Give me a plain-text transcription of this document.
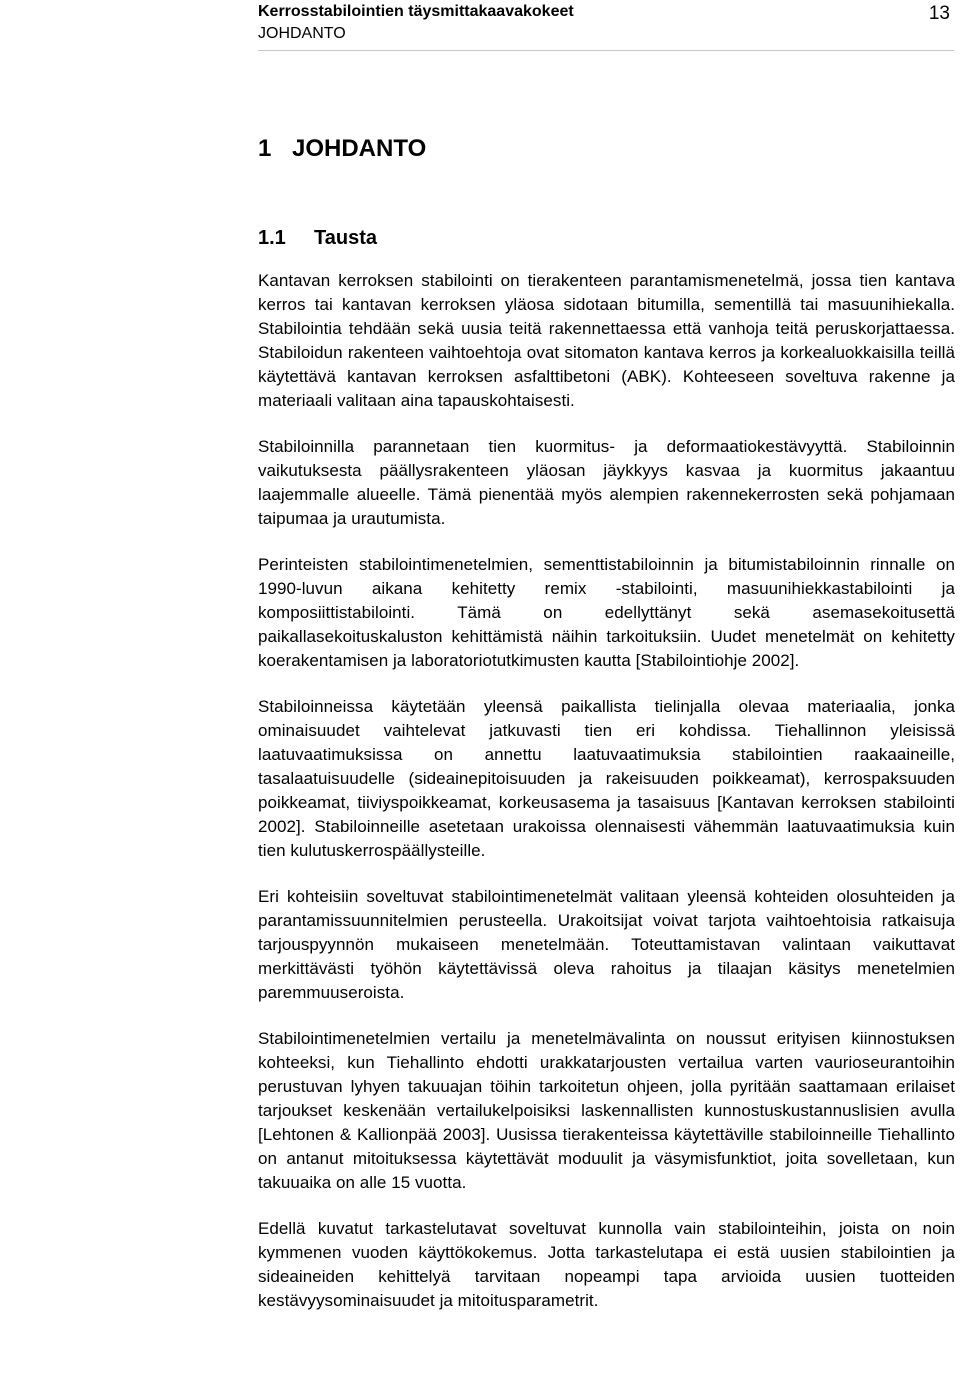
Kerrosstabilointien täysmittakaavakokeet
JOHDANTO
13
1 JOHDANTO
1.1 Tausta

Kantavan kerroksen stabilointi on tierakenteen parantamismenetelmä, jossa tien kantava kerros tai kantavan kerroksen yläosa sidotaan bitumilla, sementillä tai masuunihiekalla. Stabilointia tehdään sekä uusia teitä rakennettaessa että vanhoja teitä peruskorjattaessa. Stabiloidun rakenteen vaihtoehtoja ovat sitomaton kantava kerros ja korkealuokkaisilla teillä käytettävä kantavan kerroksen asfalttibetoni (ABK). Kohteeseen soveltuva rakenne ja materiaali valitaan aina tapauskohtaisesti.

Stabiloinnilla parannetaan tien kuormitus- ja deformaatiokestävyyttä. Stabiloinnin vaikutuksesta päällysrakenteen yläosan jäykkyys kasvaa ja kuormitus jakaantuu laajemmalle alueelle. Tämä pienentää myös alempien rakennekerrosten sekä pohjamaan taipumaa ja urautumista.

Perinteisten stabilointimenetelmien, sementtistabiloinnin ja bitumistabiloinnin rinnalle on 1990-luvun aikana kehitetty remix -stabilointi, masuunihiekkastabilointi ja komposiittistabilointi. Tämä on edellyttänyt sekä asemasekoitusettä paikallasekoituskaluston kehittämistä näihin tarkoituksiin. Uudet menetelmät on kehitetty koerakentamisen ja laboratoriotutkimusten kautta [Stabilointiohje 2002].

Stabiloinneissa käytetään yleensä paikallista tielinjalla olevaa materiaalia, jonka ominaisuudet vaihtelevat jatkuvasti tien eri kohdissa. Tiehallinnon yleisissä laatuvaatimuksissa on annettu laatuvaatimuksia stabilointien raakaaineille, tasalaatuisuudelle (sideainepitoisuuden ja rakeisuuden poikkeamat), kerrospaksuuden poikkeamat, tiiviyspoikkeamat, korkeusasema ja tasaisuus [Kantavan kerroksen stabilointi 2002]. Stabiloinneille asetetaan urakoissa olennaisesti vähemmän laatuvaatimuksia kuin tien kulutuskerrospäällysteille.

Eri kohteisiin soveltuvat stabilointimenetelmät valitaan yleensä kohteiden olosuhteiden ja parantamissuunnitelmien perusteella. Urakoitsijat voivat tarjota vaihtoehtoisia ratkaisuja tarjouspyynnön mukaiseen menetelmään. Toteuttamistavan valintaan vaikuttavat merkittävästi työhön käytettävissä oleva rahoitus ja tilaajan käsitys menetelmien paremmuuseroista.

Stabilointimenetelmien vertailu ja menetelmävalinta on noussut erityisen kiinnostuksen kohteeksi, kun Tiehallinto ehdotti urakkatarjousten vertailua varten vaurioseurantoihin perustuvan lyhyen takuuajan töihin tarkoitetun ohjeen, jolla pyritään saattamaan erilaiset tarjoukset keskenään vertailukelpoisiksi laskennallisten kunnostuskustannuslisien avulla [Lehtonen & Kallionpää 2003]. Uusissa tierakenteissa käytettäville stabiloinneille Tiehallinto on antanut mitoituksessa käytettävät moduulit ja väsymisfunktiot, joita sovelletaan, kun takuuaika on alle 15 vuotta.

Edellä kuvatut tarkastelutavat soveltuvat kunnolla vain stabilointeihin, joista on noin kymmenen vuoden käyttökokemus. Jotta tarkastelutapa ei estä uusien stabilointien ja sideaineiden kehittelyä tarvitaan nopeampi tapa arvioida uusien tuotteiden kestävyysominaisuudet ja mitoitusparametrit.
